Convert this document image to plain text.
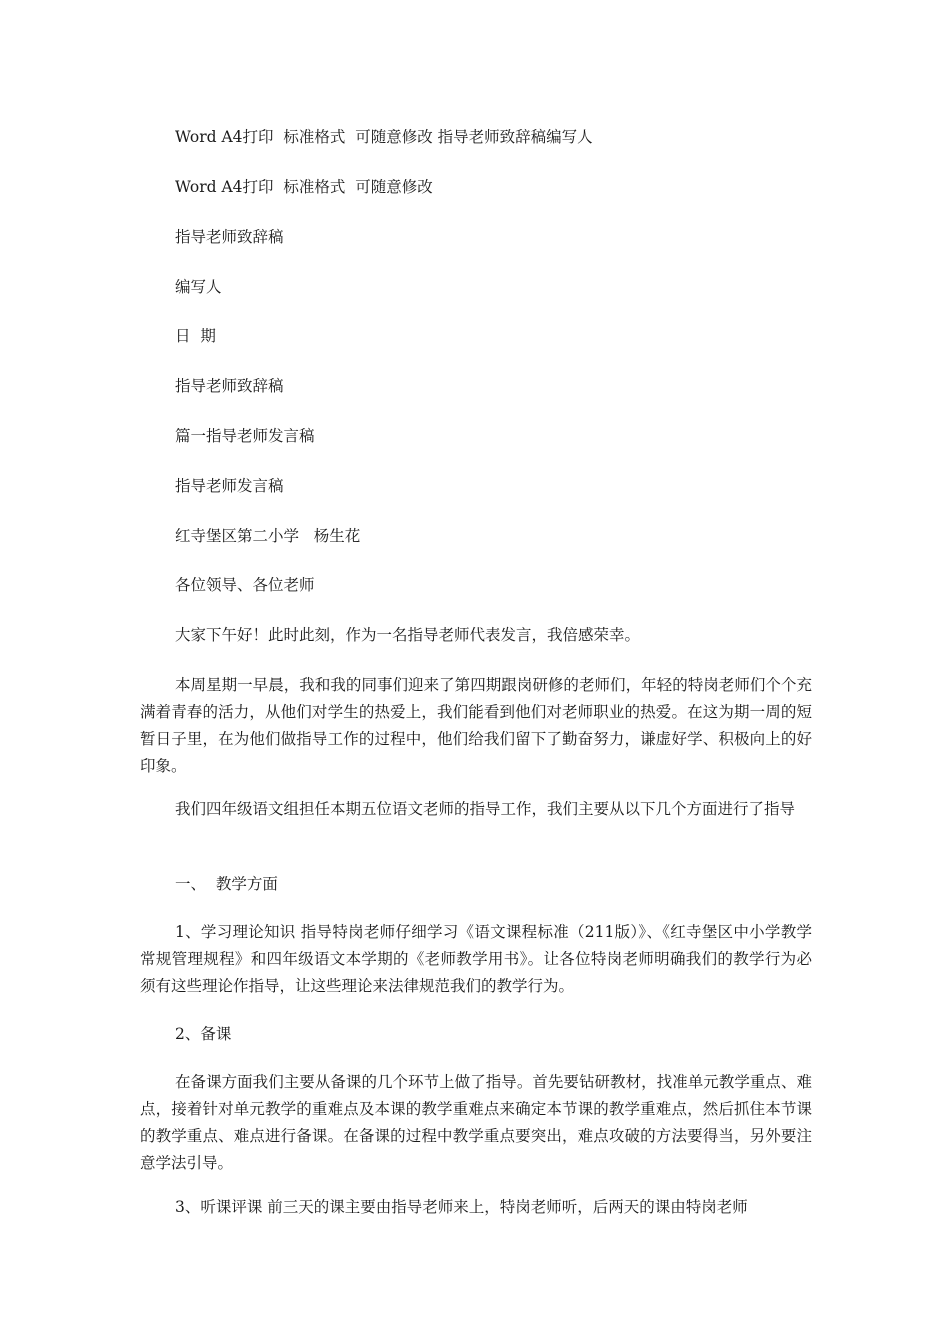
Word A4打印  标准格式  可随意修改 指导老师致辞稿编写人
Word A4打印  标准格式  可随意修改
指导老师致辞稿
编写人
日  期
指导老师致辞稿
篇一指导老师发言稿
指导老师发言稿
红寺堡区第二小学   杨生花
各位领导、各位老师
大家下午好！此时此刻，作为一名指导老师代表发言，我倍感荣幸。
本周星期一早晨，我和我的同事们迎来了第四期跟岗研修的老师们，年轻的特岗老师们个个充满着青春的活力，从他们对学生的热爱上，我们能看到他们对老师职业的热爱。在这为期一周的短暂日子里，在为他们做指导工作的过程中，他们给我们留下了勤奋努力，谦虚好学、积极向上的好印象。
我们四年级语文组担任本期五位语文老师的指导工作，我们主要从以下几个方面进行了指导
一、  教学方面
1、学习理论知识 指导特岗老师仔细学习《语文课程标准（211版）》、《红寺堡区中小学教学常规管理规程》和四年级语文本学期的《老师教学用书》。让各位特岗老师明确我们的教学行为必须有这些理论作指导，让这些理论来法律规范我们的教学行为。
2、备课
在备课方面我们主要从备课的几个环节上做了指导。首先要钻研教材，找准单元教学重点、难点，接着针对单元教学的重难点及本课的教学重难点来确定本节课的教学重难点，然后抓住本节课的教学重点、难点进行备课。在备课的过程中教学重点要突出，难点攻破的方法要得当，另外要注意学法引导。
3、听课评课 前三天的课主要由指导老师来上，特岗老师听，后两天的课由特岗老师
